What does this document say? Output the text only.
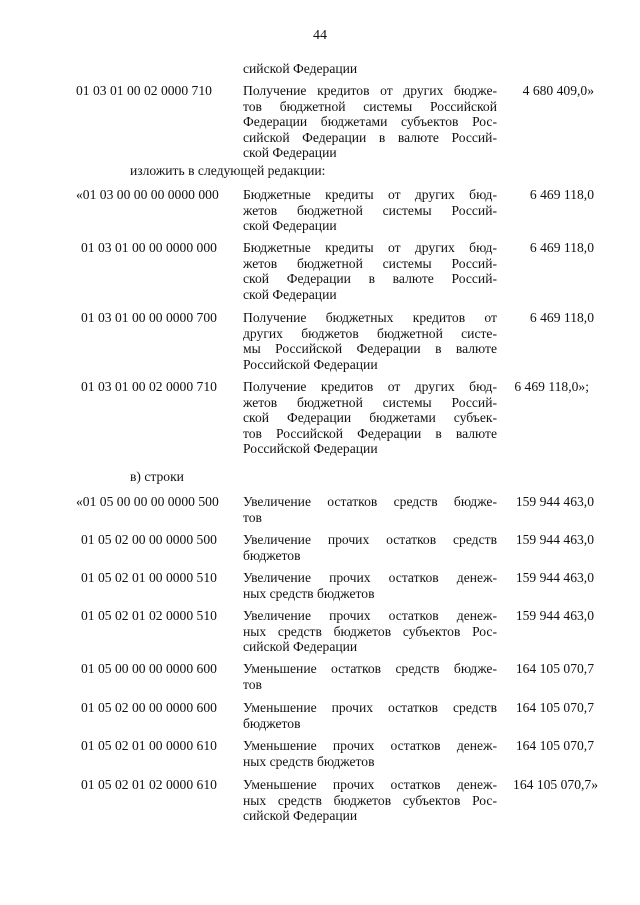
44
сийской Федерации
01 03 01 00 02 0000 710 Получение кредитов от других бюдже-
тов бюджетной системы Российской
Федерации бюджетами субъектов Рос-
сийской Федерации в валюте Россий-
ской Федерации
4 680 409,0»
изложить в следующей редакции:
«01 03 00 00 00 0000 000 Бюджетные кредиты от других бюд-
жетов бюджетной системы Россий-
ской Федерации
6 469 118,0
01 03 01 00 00 0000 000 Бюджетные кредиты от других бюд-
жетов бюджетной системы Россий-
ской Федерации в валюте Россий-
ской Федерации
6 469 118,0
01 03 01 00 00 0000 700 Получение бюджетных кредитов от
других бюджетов бюджетной систе-
мы Российской Федерации в валюте
Российской Федерации
6 469 118,0
01 03 01 00 02 0000 710 Получение кредитов от других бюд-
жетов бюджетной системы Россий-
ской Федерации бюджетами субъек-
тов Российской Федерации в валюте
Российской Федерации
6 469 118,0»;
в) строки
«01 05 00 00 00 0000 500 Увеличение остатков средств бюдже-
тов
159 944 463,0
01 05 02 00 00 0000 500 Увеличение прочих остатков средств
бюджетов
159 944 463,0
01 05 02 01 00 0000 510 Увеличение прочих остатков денеж-
ных средств бюджетов
159 944 463,0
01 05 02 01 02 0000 510 Увеличение прочих остатков денеж-
ных средств бюджетов субъектов Рос-
сийской Федерации
159 944 463,0
01 05 00 00 00 0000 600 Уменьшение остатков средств бюдже-
тов
164 105 070,7
01 05 02 00 00 0000 600 Уменьшение прочих остатков средств
бюджетов
164 105 070,7
01 05 02 01 00 0000 610 Уменьшение прочих остатков денеж-
ных средств бюджетов
164 105 070,7
01 05 02 01 02 0000 610 Уменьшение прочих остатков денеж-
ных средств бюджетов субъектов Рос-
сийской Федерации
164 105 070,7»
